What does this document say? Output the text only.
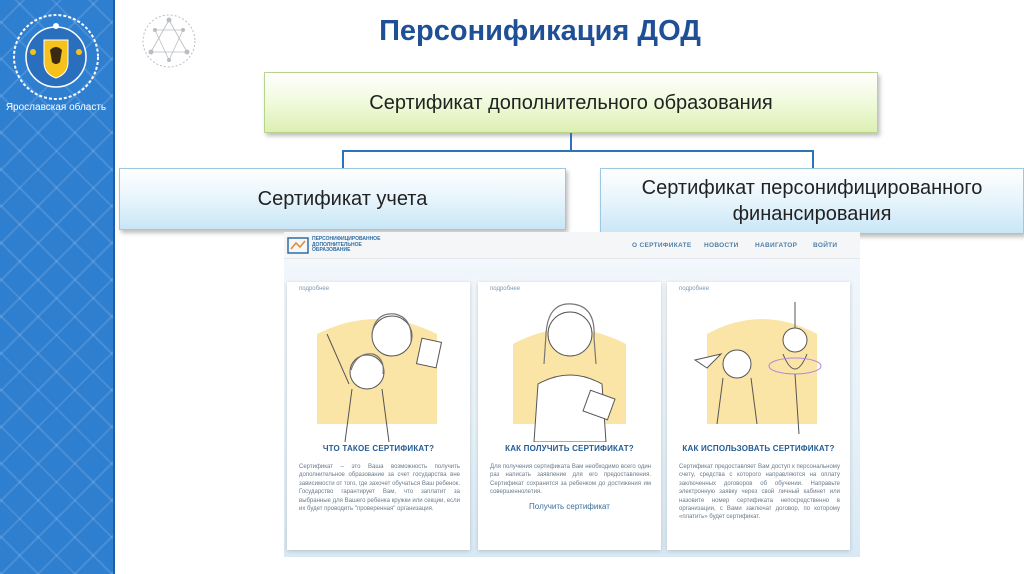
Ярославская область
Персонификация ДОД
Сертификат дополнительного образования
Сертификат учета	Сертификат персонифицированного финансирования
ПЕРСОНИФИЦИРОВАННОЕ ДОПОЛНИТЕЛЬНОЕ ОБРАЗОВАНИЕ
О СЕРТИФИКАТЕ НОВОСТИ	НАВИГАТОР ВОЙТИ
подробнее
ЧТО ТАКОЕ СЕРТИФИКАТ?
Сертификат – это Ваша возможность получить дополнительное образование за счет государства вне зависимости от того, где захочет обучаться Ваш ребенок. Государство гарантирует Вам, что заплатит за выбранные для Вашего ребенка кружки или секции, если их будет проводить "проверенная" организация.
подробнее
КАК ПОЛУЧИТЬ СЕРТИФИКАТ?
Для получения сертификата Вам необходимо всего один раз написать заявление для его предоставления. Сертификат сохранится за ребенком до достижения им совершеннолетия.
Получить сертификат
подробнее
КАК ИСПОЛЬЗОВАТЬ СЕРТИФИКАТ?
Сертификат предоставляет Вам доступ к персональному счету, средства с которого направляются на оплату заключенных договоров об обучении. Направьте электронную заявку через свой личный кабинет или назовите номер сертификата непосредственно в организации, с Вами заключат договор, по которому «платить» будет сертификат.
